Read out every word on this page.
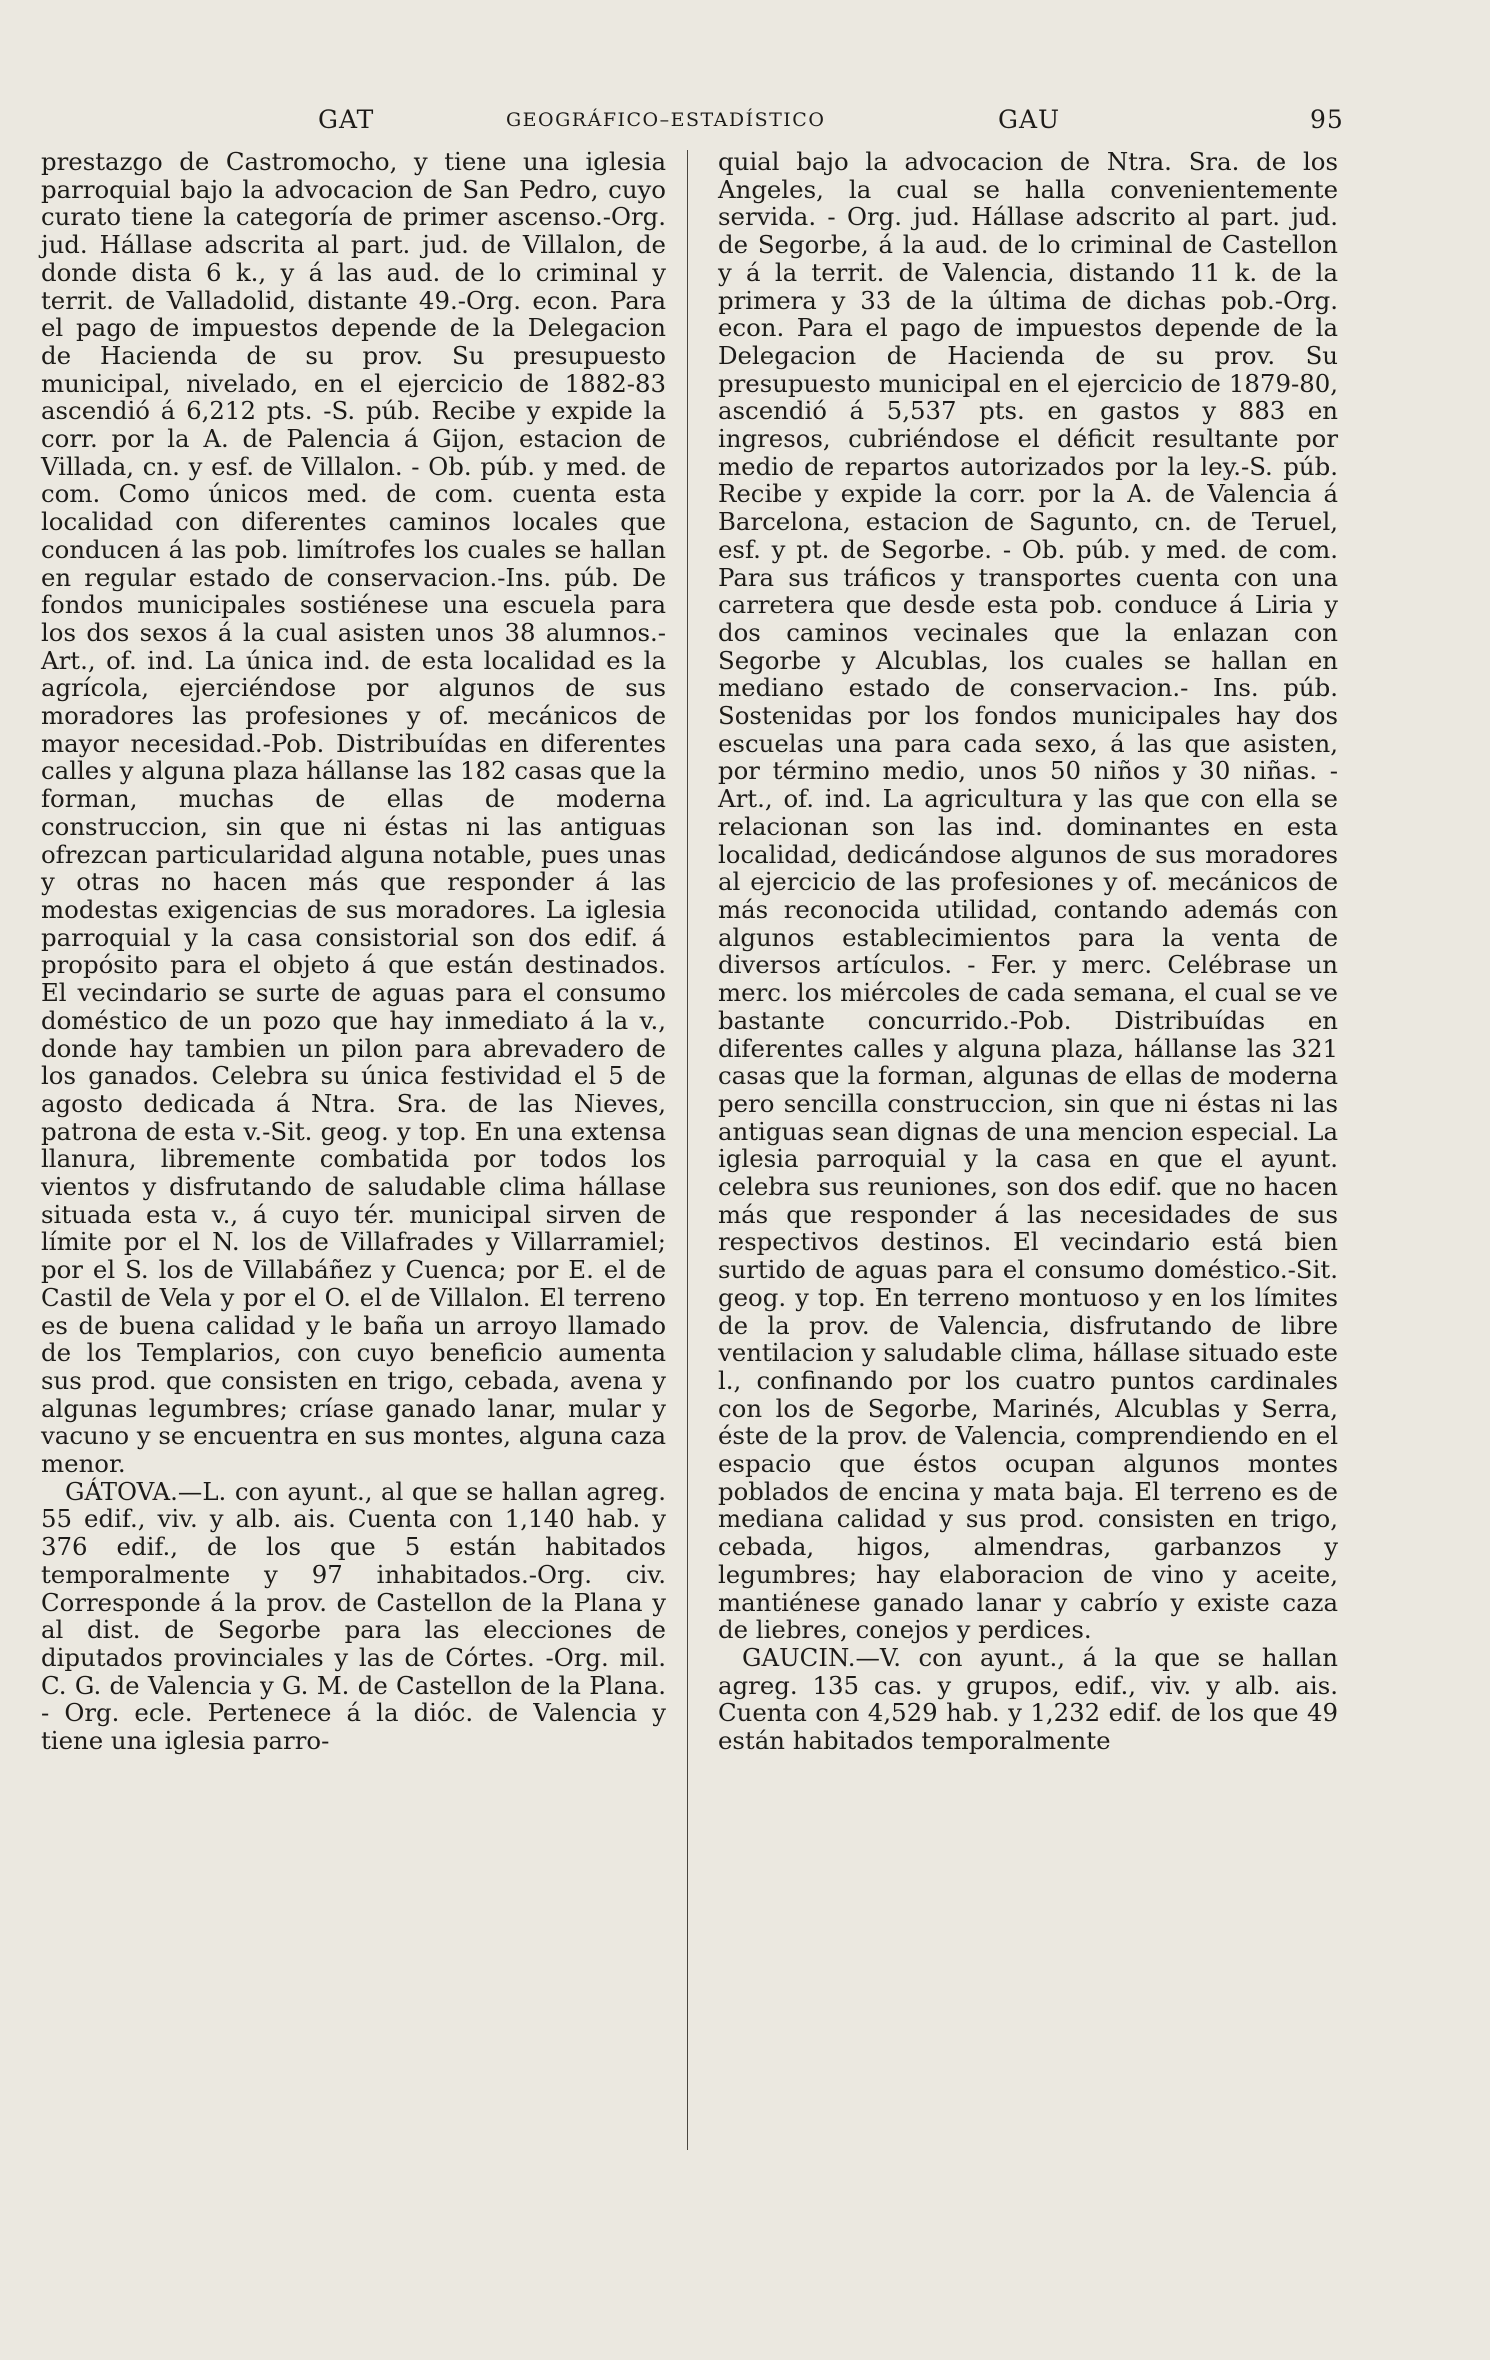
GAT	GEOGRÁFICO–ESTADÍSTICO	GAU	95

prestazgo de Castromocho, y tiene una iglesia parroquial bajo la advocacion de San Pedro, cuyo curato tiene la categoría de primer ascenso.-Org. jud. Hállase adscrita al part. jud. de Villalon, de donde dista 6 k., y á las aud. de lo criminal y territ. de Valladolid, distante 49.-Org. econ. Para el pago de impuestos depende de la Delegacion de Hacienda de su prov. Su presupuesto municipal, nivelado, en el ejercicio de 1882-83 ascendió á 6,212 pts. -S. púb. Recibe y expide la corr. por la A. de Palencia á Gijon, estacion de Villada, cn. y esf. de Villalon. - Ob. púb. y med. de com. Como únicos med. de com. cuenta esta localidad con diferentes caminos locales que conducen á las pob. limítrofes los cuales se hallan en regular estado de conservacion.-Ins. púb. De fondos municipales sostiénese una escuela para los dos sexos á la cual asisten unos 38 alumnos.-Art., of. ind. La única ind. de esta localidad es la agrícola, ejerciéndose por algunos de sus moradores las profesiones y of. mecánicos de mayor necesidad.-Pob. Distribuídas en diferentes calles y alguna plaza hállanse las 182 casas que la forman, muchas de ellas de moderna construccion, sin que ni éstas ni las antiguas ofrezcan particularidad alguna notable, pues unas y otras no hacen más que responder á las modestas exigencias de sus moradores. La iglesia parroquial y la casa consistorial son dos edif. á propósito para el objeto á que están destinados. El vecindario se surte de aguas para el consumo doméstico de un pozo que hay inmediato á la v., donde hay tambien un pilon para abrevadero de los ganados. Celebra su única festividad el 5 de agosto dedicada á Ntra. Sra. de las Nieves, patrona de esta v.-Sit. geog. y top. En una extensa llanura, libremente combatida por todos los vientos y disfrutando de saludable clima hállase situada esta v., á cuyo tér. municipal sirven de límite por el N. los de Villafrades y Villarramiel; por el S. los de Villabáñez y Cuenca; por E. el de Castil de Vela y por el O. el de Villalon. El terreno es de buena calidad y le baña un arroyo llamado de los Templarios, con cuyo beneficio aumenta sus prod. que consisten en trigo, cebada, avena y algunas legumbres; críase ganado lanar, mular y vacuno y se encuentra en sus montes, alguna caza menor.

GÁTOVA.—L. con ayunt., al que se hallan agreg. 55 edif., viv. y alb. ais. Cuenta con 1,140 hab. y 376 edif., de los que 5 están habitados temporalmente y 97 inhabitados.-Org. civ. Corresponde á la prov. de Castellon de la Plana y al dist. de Segorbe para las elecciones de diputados provinciales y las de Córtes. -Org. mil. C. G. de Valencia y G. M. de Castellon de la Plana. - Org. ecle. Pertenece á la dióc. de Valencia y tiene una iglesia parro-

quial bajo la advocacion de Ntra. Sra. de los Angeles, la cual se halla convenientemente servida. - Org. jud. Hállase adscrito al part. jud. de Segorbe, á la aud. de lo criminal de Castellon y á la territ. de Valencia, distando 11 k. de la primera y 33 de la última de dichas pob.-Org. econ. Para el pago de impuestos depende de la Delegacion de Hacienda de su prov. Su presupuesto municipal en el ejercicio de 1879-80, ascendió á 5,537 pts. en gastos y 883 en ingresos, cubriéndose el déficit resultante por medio de repartos autorizados por la ley.-S. púb. Recibe y expide la corr. por la A. de Valencia á Barcelona, estacion de Sagunto, cn. de Teruel, esf. y pt. de Segorbe. - Ob. púb. y med. de com. Para sus tráficos y transportes cuenta con una carretera que desde esta pob. conduce á Liria y dos caminos vecinales que la enlazan con Segorbe y Alcublas, los cuales se hallan en mediano estado de conservacion.- Ins. púb. Sostenidas por los fondos municipales hay dos escuelas una para cada sexo, á las que asisten, por término medio, unos 50 niños y 30 niñas. -Art., of. ind. La agricultura y las que con ella se relacionan son las ind. dominantes en esta localidad, dedicándose algunos de sus moradores al ejercicio de las profesiones y of. mecánicos de más reconocida utilidad, contando además con algunos establecimientos para la venta de diversos artículos. - Fer. y merc. Celébrase un merc. los miércoles de cada semana, el cual se ve bastante concurrido.-Pob. Distribuídas en diferentes calles y alguna plaza, hállanse las 321 casas que la forman, algunas de ellas de moderna pero sencilla construccion, sin que ni éstas ni las antiguas sean dignas de una mencion especial. La iglesia parroquial y la casa en que el ayunt. celebra sus reuniones, son dos edif. que no hacen más que responder á las necesidades de sus respectivos destinos. El vecindario está bien surtido de aguas para el consumo doméstico.-Sit. geog. y top. En terreno montuoso y en los límites de la prov. de Valencia, disfrutando de libre ventilacion y saludable clima, hállase situado este l., confinando por los cuatro puntos cardinales con los de Segorbe, Marinés, Alcublas y Serra, éste de la prov. de Valencia, comprendiendo en el espacio que éstos ocupan algunos montes poblados de encina y mata baja. El terreno es de mediana calidad y sus prod. consisten en trigo, cebada, higos, almendras, garbanzos y legumbres; hay elaboracion de vino y aceite, mantiénese ganado lanar y cabrío y existe caza de liebres, conejos y perdices.

GAUCIN.—V. con ayunt., á la que se hallan agreg. 135 cas. y grupos, edif., viv. y alb. ais. Cuenta con 4,529 hab. y 1,232 edif. de los que 49 están habitados temporalmente
